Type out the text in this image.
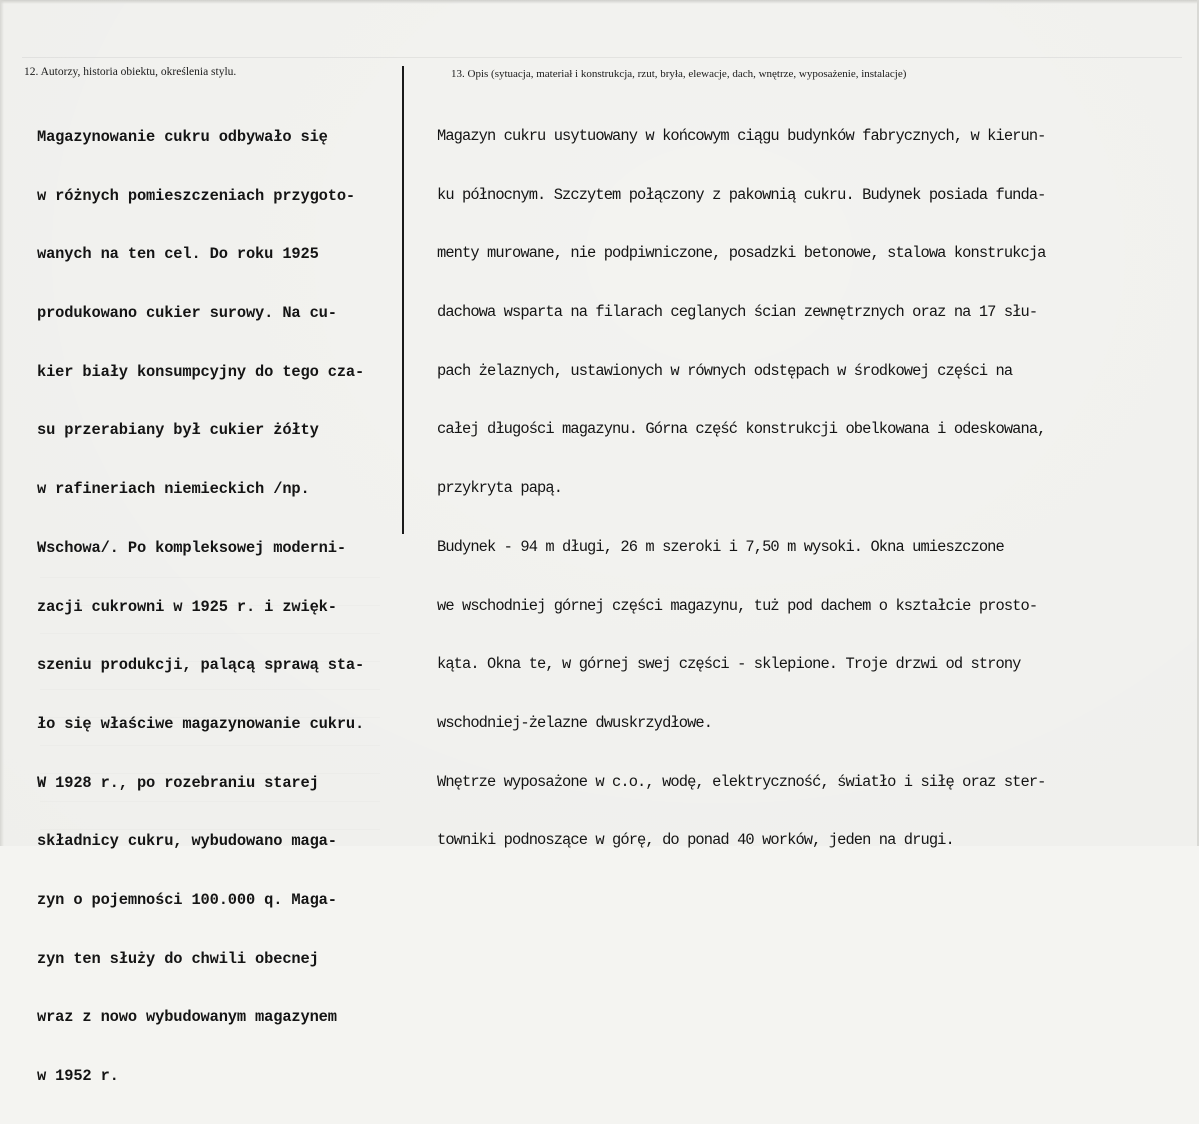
12. Autorzy, historia obiektu, określenia stylu.	13. Opis (sytuacja, materiał i konstrukcja, rzut, bryła, elewacje, dach, wnętrze, wyposażenie, instalacje)

Magazynowanie cukru odbywało się

w różnych pomieszczeniach przygoto-

wanych na ten cel. Do roku 1925

produkowano cukier surowy. Na cu-

kier biały konsumpcyjny do tego cza-

su przerabiany był cukier żółty

w rafineriach niemieckich /np.

Wschowa/. Po kompleksowej moderni-

zacji cukrowni w 1925 r. i zwięk-

szeniu produkcji, palącą sprawą sta-

ło się właściwe magazynowanie cukru.

W 1928 r., po rozebraniu starej

składnicy cukru, wybudowano maga-

zyn o pojemności 100.000 q. Maga-

zyn ten służy do chwili obecnej

wraz z nowo wybudowanym magazynem

w 1952 r.

Magazyn cukru usytuowany w końcowym ciągu budynków fabrycznych, w kierun-

ku północnym. Szczytem połączony z pakownią cukru. Budynek posiada funda-

menty murowane, nie podpiwniczone, posadzki betonowe, stalowa konstrukcja

dachowa wsparta na filarach ceglanych ścian zewnętrznych oraz na 17 słu-

pach żelaznych, ustawionych w równych odstępach w środkowej części na

całej długości magazynu. Górna część konstrukcji obelkowana i odeskowana,

przykryta papą.

Budynek - 94 m długi, 26 m szeroki i 7,50 m wysoki. Okna umieszczone

we wschodniej górnej części magazynu, tuż pod dachem o kształcie prosto-

kąta. Okna te, w górnej swej części - sklepione. Troje drzwi od strony

wschodniej-żelazne dwuskrzydłowe.

Wnętrze wyposażone w c.o., wodę, elektryczność, światło i siłę oraz ster-

towniki podnoszące w górę, do ponad 40 worków, jeden na drugi.
